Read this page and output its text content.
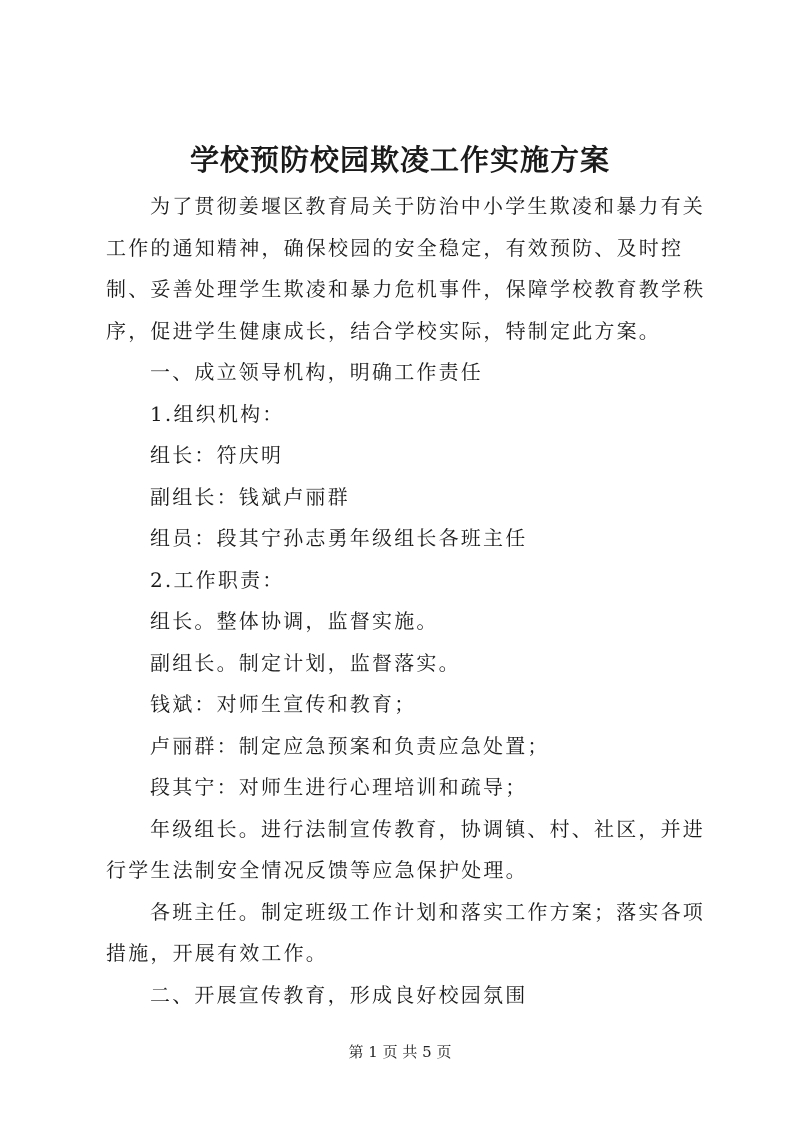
学校预防校园欺凌工作实施方案

为了贯彻姜堰区教育局关于防治中小学生欺凌和暴力有关工作的通知精神，确保校园的安全稳定，有效预防、及时控制、妥善处理学生欺凌和暴力危机事件，保障学校教育教学秩序，促进学生健康成长，结合学校实际，特制定此方案。

一、成立领导机构，明确工作责任

1.组织机构：

组长：符庆明

副组长：钱斌卢丽群

组员：段其宁孙志勇年级组长各班主任

2.工作职责：

组长。整体协调，监督实施。

副组长。制定计划，监督落实。

钱斌：对师生宣传和教育；

卢丽群：制定应急预案和负责应急处置；

段其宁：对师生进行心理培训和疏导；

年级组长。进行法制宣传教育，协调镇、村、社区，并进行学生法制安全情况反馈等应急保护处理。

各班主任。制定班级工作计划和落实工作方案；落实各项措施，开展有效工作。

二、开展宣传教育，形成良好校园氛围

第 1 页 共 5 页
